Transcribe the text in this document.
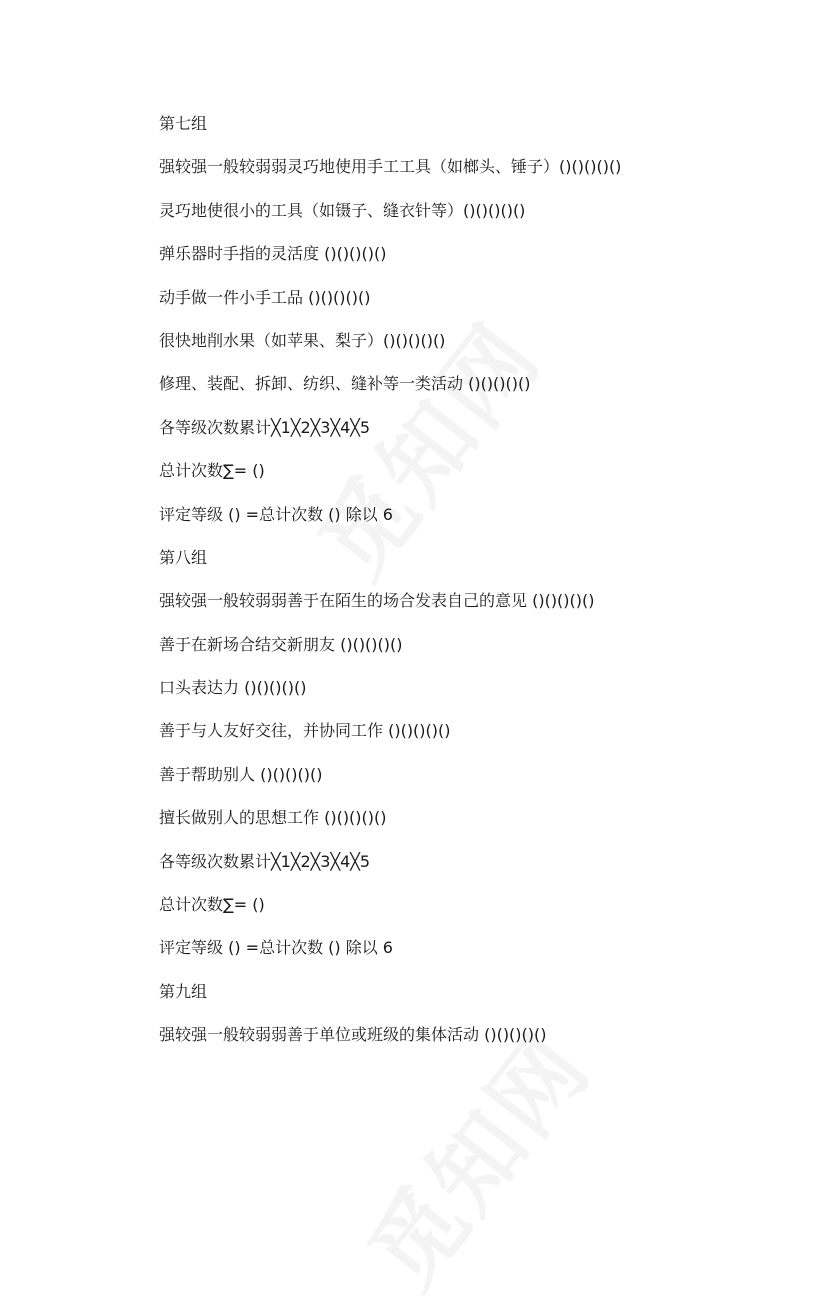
第七组
强较强一般较弱弱灵巧地使用手工工具（如榔头、锤子）()()()()()
灵巧地使很小的工具（如镊子、缝衣针等）()()()()()
弹乐器时手指的灵活度 ()()()()()
动手做一件小手工品 ()()()()()
很快地削水果（如苹果、梨子）()()()()()
修理、装配、拆卸、纺织、缝补等一类活动 ()()()()()
各等级次数累计╳1╳2╳3╳4╳5
总计次数∑= ()
评定等级 () =总计次数 () 除以 6
第八组
强较强一般较弱弱善于在陌生的场合发表自己的意见 ()()()()()
善于在新场合结交新朋友 ()()()()()
口头表达力 ()()()()()
善于与人友好交往，并协同工作 ()()()()()
善于帮助别人 ()()()()()
擅长做别人的思想工作 ()()()()()
各等级次数累计╳1╳2╳3╳4╳5
总计次数∑= ()
评定等级 () =总计次数 () 除以 6
第九组
强较强一般较弱弱善于单位或班级的集体活动 ()()()()()
